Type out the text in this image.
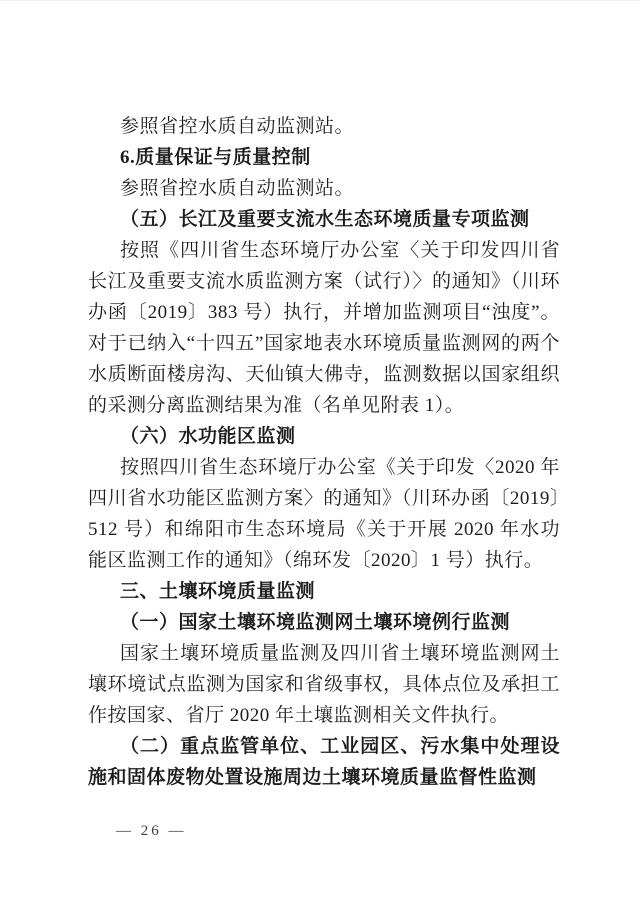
参照省控水质自动监测站。

6.质量保证与质量控制

参照省控水质自动监测站。

（五）长江及重要支流水生态环境质量专项监测

按照《四川省生态环境厅办公室〈关于印发四川省长江及重要支流水质监测方案（试行）〉的通知》（川环办函〔2019〕383 号）执行，并增加监测项目“浊度”。对于已纳入“十四五”国家地表水环境质量监测网的两个水质断面楼房沟、天仙镇大佛寺，监测数据以国家组织的采测分离监测结果为准（名单见附表 1）。

（六）水功能区监测

按照四川省生态环境厅办公室《关于印发〈2020 年四川省水功能区监测方案〉的通知》（川环办函〔2019〕512 号）和绵阳市生态环境局《关于开展 2020 年水功能区监测工作的通知》（绵环发〔2020〕1 号）执行。

三、土壤环境质量监测

（一）国家土壤环境监测网土壤环境例行监测

国家土壤环境质量监测及四川省土壤环境监测网土壤环境试点监测为国家和省级事权，具体点位及承担工作按国家、省厅 2020 年土壤监测相关文件执行。

（二）重点监管单位、工业园区、污水集中处理设施和固体废物处置设施周边土壤环境质量监督性监测

— 26 —
